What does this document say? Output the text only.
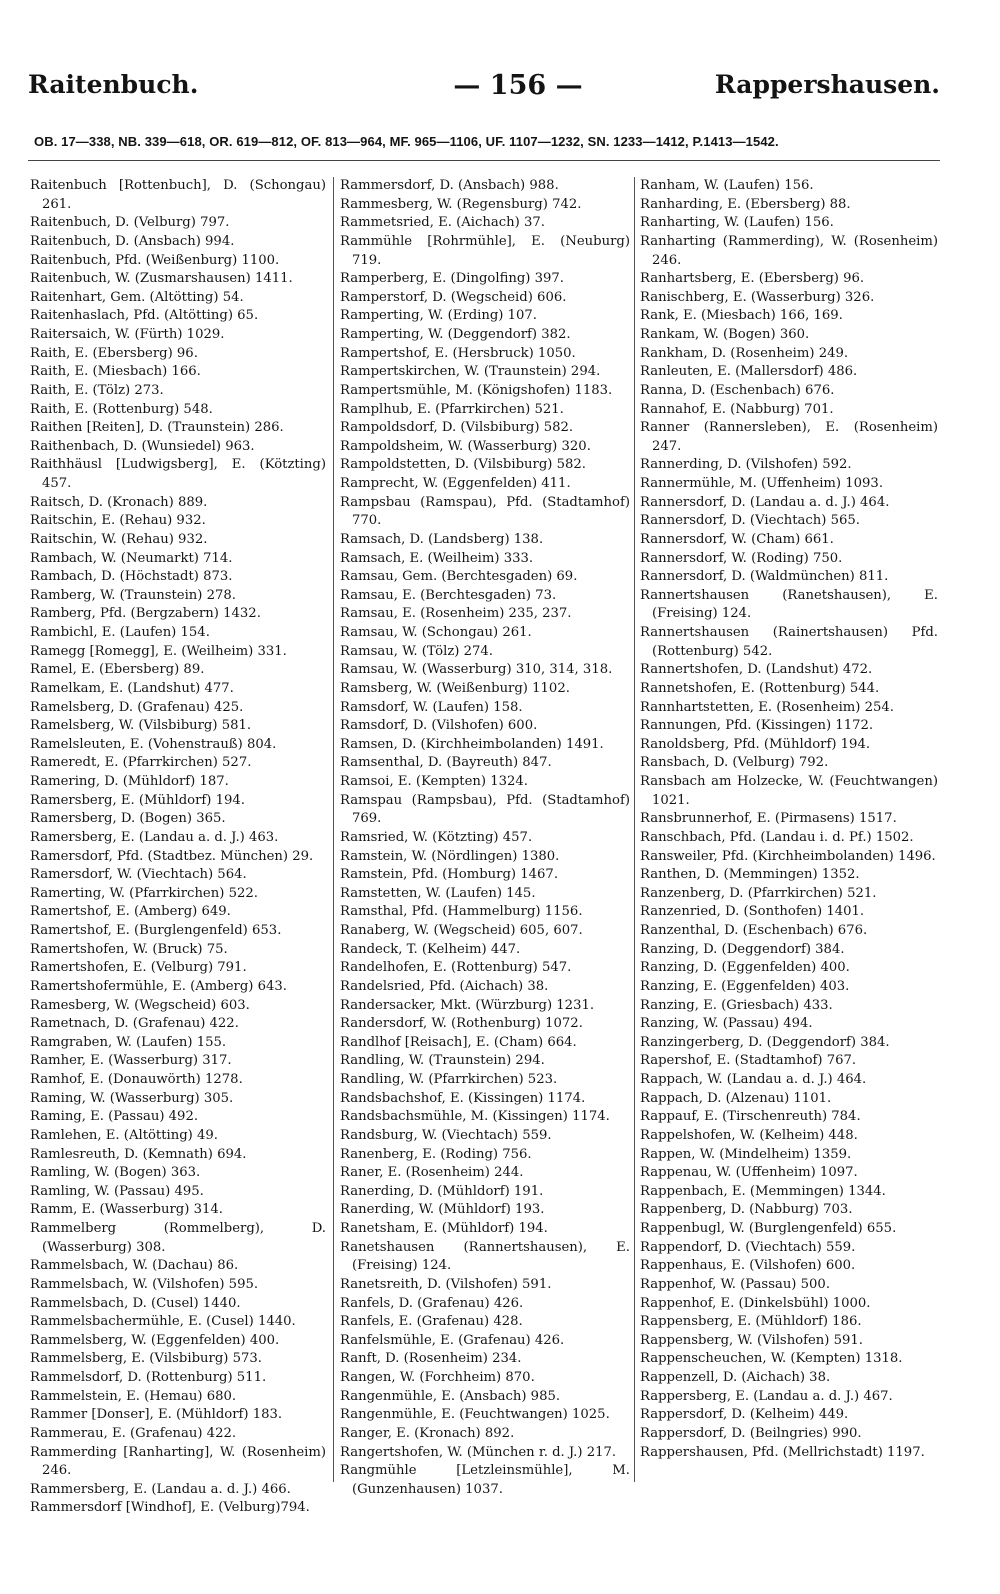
Raitenbuch.	— 156 —	Rappershausen.
OB. 17—338, NB. 339—618, OR. 619—812, OF. 813—964, MF. 965—1106, UF. 1107—1232, SN. 1233—1412, P.1413—1542.

Raitenbuch [Rottenbuch], D. (Schongau) 261.

Raitenbuch, D. (Velburg) 797.

Raitenbuch, D. (Ansbach) 994.

Raitenbuch, Pfd. (Weißenburg) 1100.

Raitenbuch, W. (Zusmarshausen) 1411.

Raitenhart, Gem. (Altötting) 54.

Raitenhaslach, Pfd. (Altötting) 65.

Raitersaich, W. (Fürth) 1029.

Raith, E. (Ebersberg) 96.

Raith, E. (Miesbach) 166.

Raith, E. (Tölz) 273.

Raith, E. (Rottenburg) 548.

Raithen [Reiten], D. (Traunstein) 286.

Raithenbach, D. (Wunsiedel) 963.

Raithhäusl [Ludwigsberg], E. (Kötzting) 457.

Raitsch, D. (Kronach) 889.

Raitschin, E. (Rehau) 932.

Raitschin, W. (Rehau) 932.

Rambach, W. (Neumarkt) 714.

Rambach, D. (Höchstadt) 873.

Ramberg, W. (Traunstein) 278.

Ramberg, Pfd. (Bergzabern) 1432.

Rambichl, E. (Laufen) 154.

Ramegg [Romegg], E. (Weilheim) 331.

Ramel, E. (Ebersberg) 89.

Ramelkam, E. (Landshut) 477.

Ramelsberg, D. (Grafenau) 425.

Ramelsberg, W. (Vilsbiburg) 581.

Ramelsleuten, E. (Vohenstrauß) 804.

Rameredt, E. (Pfarrkirchen) 527.

Ramering, D. (Mühldorf) 187.

Ramersberg, E. (Mühldorf) 194.

Ramersberg, D. (Bogen) 365.

Ramersberg, E. (Landau a. d. J.) 463.

Ramersdorf, Pfd. (Stadtbez. München) 29.

Ramersdorf, W. (Viechtach) 564.

Ramerting, W. (Pfarrkirchen) 522.

Ramertshof, E. (Amberg) 649.

Ramertshof, E. (Burglengenfeld) 653.

Ramertshofen, W. (Bruck) 75.

Ramertshofen, E. (Velburg) 791.

Ramertshofermühle, E. (Amberg) 643.

Ramesberg, W. (Wegscheid) 603.

Rametnach, D. (Grafenau) 422.

Ramgraben, W. (Laufen) 155.

Ramher, E. (Wasserburg) 317.

Ramhof, E. (Donauwörth) 1278.

Raming, W. (Wasserburg) 305.

Raming, E. (Passau) 492.

Ramlehen, E. (Altötting) 49.

Ramlesreuth, D. (Kemnath) 694.

Ramling, W. (Bogen) 363.

Ramling, W. (Passau) 495.

Ramm, E. (Wasserburg) 314.

Rammelberg (Rommelberg), D. (Wasserburg) 308.

Rammelsbach, W. (Dachau) 86.

Rammelsbach, W. (Vilshofen) 595.

Rammelsbach, D. (Cusel) 1440.

Rammelsbachermühle, E. (Cusel) 1440.

Rammelsberg, W. (Eggenfelden) 400.

Rammelsberg, E. (Vilsbiburg) 573.

Rammelsdorf, D. (Rottenburg) 511.

Rammelstein, E. (Hemau) 680.

Rammer [Donser], E. (Mühldorf) 183.

Rammerau, E. (Grafenau) 422.

Rammerding [Ranharting], W. (Rosenheim) 246.

Rammersberg, E. (Landau a. d. J.) 466.

Rammersdorf [Windhof], E. (Velburg)794.

Rammersdorf, D. (Ansbach) 988.

Rammesberg, W. (Regensburg) 742.

Rammetsried, E. (Aichach) 37.

Rammühle [Rohrmühle], E. (Neuburg) 719.

Ramperberg, E. (Dingolfing) 397.

Ramperstorf, D. (Wegscheid) 606.

Ramperting, W. (Erding) 107.

Ramperting, W. (Deggendorf) 382.

Rampertshof, E. (Hersbruck) 1050.

Rampertskirchen, W. (Traunstein) 294.

Rampertsmühle, M. (Königshofen) 1183.

Ramplhub, E. (Pfarrkirchen) 521.

Rampoldsdorf, D. (Vilsbiburg) 582.

Rampoldsheim, W. (Wasserburg) 320.

Rampoldstetten, D. (Vilsbiburg) 582.

Ramprecht, W. (Eggenfelden) 411.

Rampsbau (Ramspau), Pfd. (Stadtamhof) 770.

Ramsach, D. (Landsberg) 138.

Ramsach, E. (Weilheim) 333.

Ramsau, Gem. (Berchtesgaden) 69.

Ramsau, E. (Berchtesgaden) 73.

Ramsau, E. (Rosenheim) 235, 237.

Ramsau, W. (Schongau) 261.

Ramsau, W. (Tölz) 274.

Ramsau, W. (Wasserburg) 310, 314, 318.

Ramsberg, W. (Weißenburg) 1102.

Ramsdorf, W. (Laufen) 158.

Ramsdorf, D. (Vilshofen) 600.

Ramsen, D. (Kirchheimbolanden) 1491.

Ramsenthal, D. (Bayreuth) 847.

Ramsoi, E. (Kempten) 1324.

Ramspau (Rampsbau), Pfd. (Stadtamhof) 769.

Ramsried, W. (Kötzting) 457.

Ramstein, W. (Nördlingen) 1380.

Ramstein, Pfd. (Homburg) 1467.

Ramstetten, W. (Laufen) 145.

Ramsthal, Pfd. (Hammelburg) 1156.

Ranaberg, W. (Wegscheid) 605, 607.

Randeck, T. (Kelheim) 447.

Randelhofen, E. (Rottenburg) 547.

Randelsried, Pfd. (Aichach) 38.

Randersacker, Mkt. (Würzburg) 1231.

Randersdorf, W. (Rothenburg) 1072.

Randlhof [Reisach], E. (Cham) 664.

Randling, W. (Traunstein) 294.

Randling, W. (Pfarrkirchen) 523.

Randsbachshof, E. (Kissingen) 1174.

Randsbachsmühle, M. (Kissingen) 1174.

Randsburg, W. (Viechtach) 559.

Ranenberg, E. (Roding) 756.

Raner, E. (Rosenheim) 244.

Ranerding, D. (Mühldorf) 191.

Ranerding, W. (Mühldorf) 193.

Ranetsham, E. (Mühldorf) 194.

Ranetshausen (Rannertshausen), E. (Freising) 124.

Ranetsreith, D. (Vilshofen) 591.

Ranfels, D. (Grafenau) 426.

Ranfels, E. (Grafenau) 428.

Ranfelsmühle, E. (Grafenau) 426.

Ranft, D. (Rosenheim) 234.

Rangen, W. (Forchheim) 870.

Rangenmühle, E. (Ansbach) 985.

Rangenmühle, E. (Feuchtwangen) 1025.

Ranger, E. (Kronach) 892.

Rangertshofen, W. (München r. d. J.) 217.

Rangmühle [Letzleinsmühle], M. (Gunzenhausen) 1037.

Ranham, W. (Laufen) 156.

Ranharding, E. (Ebersberg) 88.

Ranharting, W. (Laufen) 156.

Ranharting (Rammerding), W. (Rosenheim) 246.

Ranhartsberg, E. (Ebersberg) 96.

Ranischberg, E. (Wasserburg) 326.

Rank, E. (Miesbach) 166, 169.

Rankam, W. (Bogen) 360.

Rankham, D. (Rosenheim) 249.

Ranleuten, E. (Mallersdorf) 486.

Ranna, D. (Eschenbach) 676.

Rannahof, E. (Nabburg) 701.

Ranner (Rannersleben), E. (Rosenheim) 247.

Rannerding, D. (Vilshofen) 592.

Rannermühle, M. (Uffenheim) 1093.

Rannersdorf, D. (Landau a. d. J.) 464.

Rannersdorf, D. (Viechtach) 565.

Rannersdorf, W. (Cham) 661.

Rannersdorf, W. (Roding) 750.

Rannersdorf, D. (Waldmünchen) 811.

Rannertshausen (Ranetshausen), E. (Freising) 124.

Rannertshausen (Rainertshausen) Pfd. (Rottenburg) 542.

Rannertshofen, D. (Landshut) 472.

Rannetshofen, E. (Rottenburg) 544.

Rannhartstetten, E. (Rosenheim) 254.

Rannungen, Pfd. (Kissingen) 1172.

Ranoldsberg, Pfd. (Mühldorf) 194.

Ransbach, D. (Velburg) 792.

Ransbach am Holzecke, W. (Feuchtwangen) 1021.

Ransbrunnerhof, E. (Pirmasens) 1517.

Ranschbach, Pfd. (Landau i. d. Pf.) 1502.

Ransweiler, Pfd. (Kirchheimbolanden) 1496.

Ranthen, D. (Memmingen) 1352.

Ranzenberg, D. (Pfarrkirchen) 521.

Ranzenried, D. (Sonthofen) 1401.

Ranzenthal, D. (Eschenbach) 676.

Ranzing, D. (Deggendorf) 384.

Ranzing, D. (Eggenfelden) 400.

Ranzing, E. (Eggenfelden) 403.

Ranzing, E. (Griesbach) 433.

Ranzing, W. (Passau) 494.

Ranzingerberg, D. (Deggendorf) 384.

Rapershof, E. (Stadtamhof) 767.

Rappach, W. (Landau a. d. J.) 464.

Rappach, D. (Alzenau) 1101.

Rappauf, E. (Tirschenreuth) 784.

Rappelshofen, W. (Kelheim) 448.

Rappen, W. (Mindelheim) 1359.

Rappenau, W. (Uffenheim) 1097.

Rappenbach, E. (Memmingen) 1344.

Rappenberg, D. (Nabburg) 703.

Rappenbugl, W. (Burglengenfeld) 655.

Rappendorf, D. (Viechtach) 559.

Rappenhaus, E. (Vilshofen) 600.

Rappenhof, W. (Passau) 500.

Rappenhof, E. (Dinkelsbühl) 1000.

Rappensberg, E. (Mühldorf) 186.

Rappensberg, W. (Vilshofen) 591.

Rappenscheuchen, W. (Kempten) 1318.

Rappenzell, D. (Aichach) 38.

Rappersberg, E. (Landau a. d. J.) 467.

Rappersdorf, D. (Kelheim) 449.

Rappersdorf, D. (Beilngries) 990.

Rappershausen, Pfd. (Mellrichstadt) 1197.
